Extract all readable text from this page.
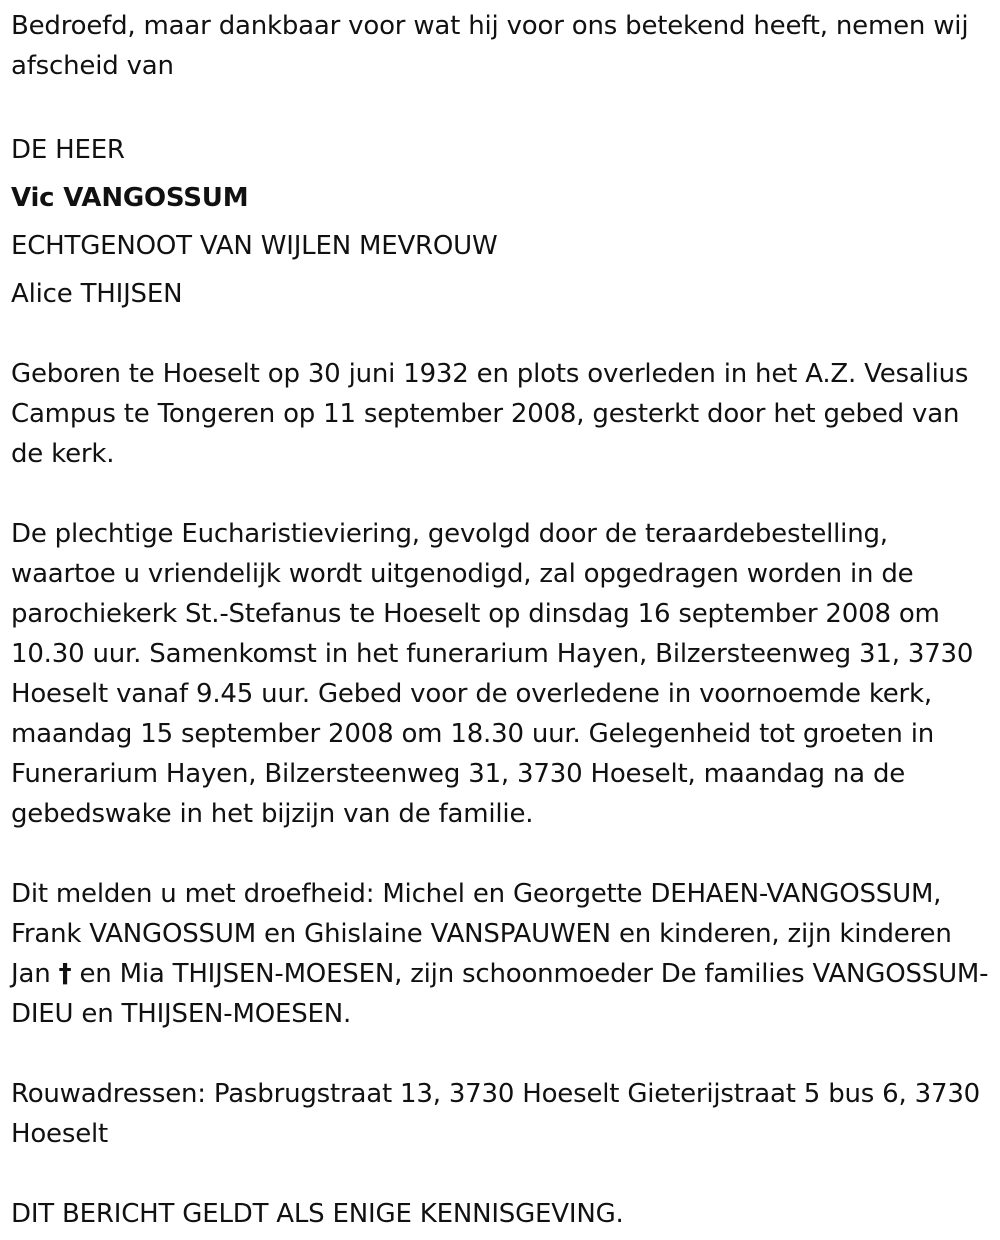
Bedroefd, maar dankbaar voor wat hij voor ons betekend heeft, nemen wij afscheid van

DE HEER

Vic VANGOSSUM

ECHTGENOOT VAN WIJLEN MEVROUW

Alice THIJSEN

Geboren te Hoeselt op 30 juni 1932 en plots overleden in het A.Z. Vesalius Campus te Tongeren op 11 september 2008, gesterkt door het gebed van de kerk.

De plechtige Eucharistieviering, gevolgd door de teraardebestelling, waartoe u vriendelijk wordt uitgenodigd, zal opgedragen worden in de parochiekerk St.-Stefanus te Hoeselt op dinsdag 16 september 2008 om 10.30 uur. Samenkomst in het funerarium Hayen, Bilzersteenweg 31, 3730 Hoeselt vanaf 9.45 uur. Gebed voor de overledene in voornoemde kerk, maandag 15 september 2008 om 18.30 uur. Gelegenheid tot groeten in Funerarium Hayen, Bilzersteenweg 31, 3730 Hoeselt, maandag na de gebedswake in het bijzijn van de familie.

Dit melden u met droefheid: Michel en Georgette DEHAEN-VANGOSSUM, Frank VANGOSSUM en Ghislaine VANSPAUWEN en kinderen, zijn kinderen Jan † en Mia THIJSEN-MOESEN, zijn schoonmoeder De families VANGOSSUM-DIEU en THIJSEN-MOESEN.

Rouwadressen: Pasbrugstraat 13, 3730 Hoeselt Gieterijstraat 5 bus 6, 3730 Hoeselt

DIT BERICHT GELDT ALS ENIGE KENNISGEVING.
